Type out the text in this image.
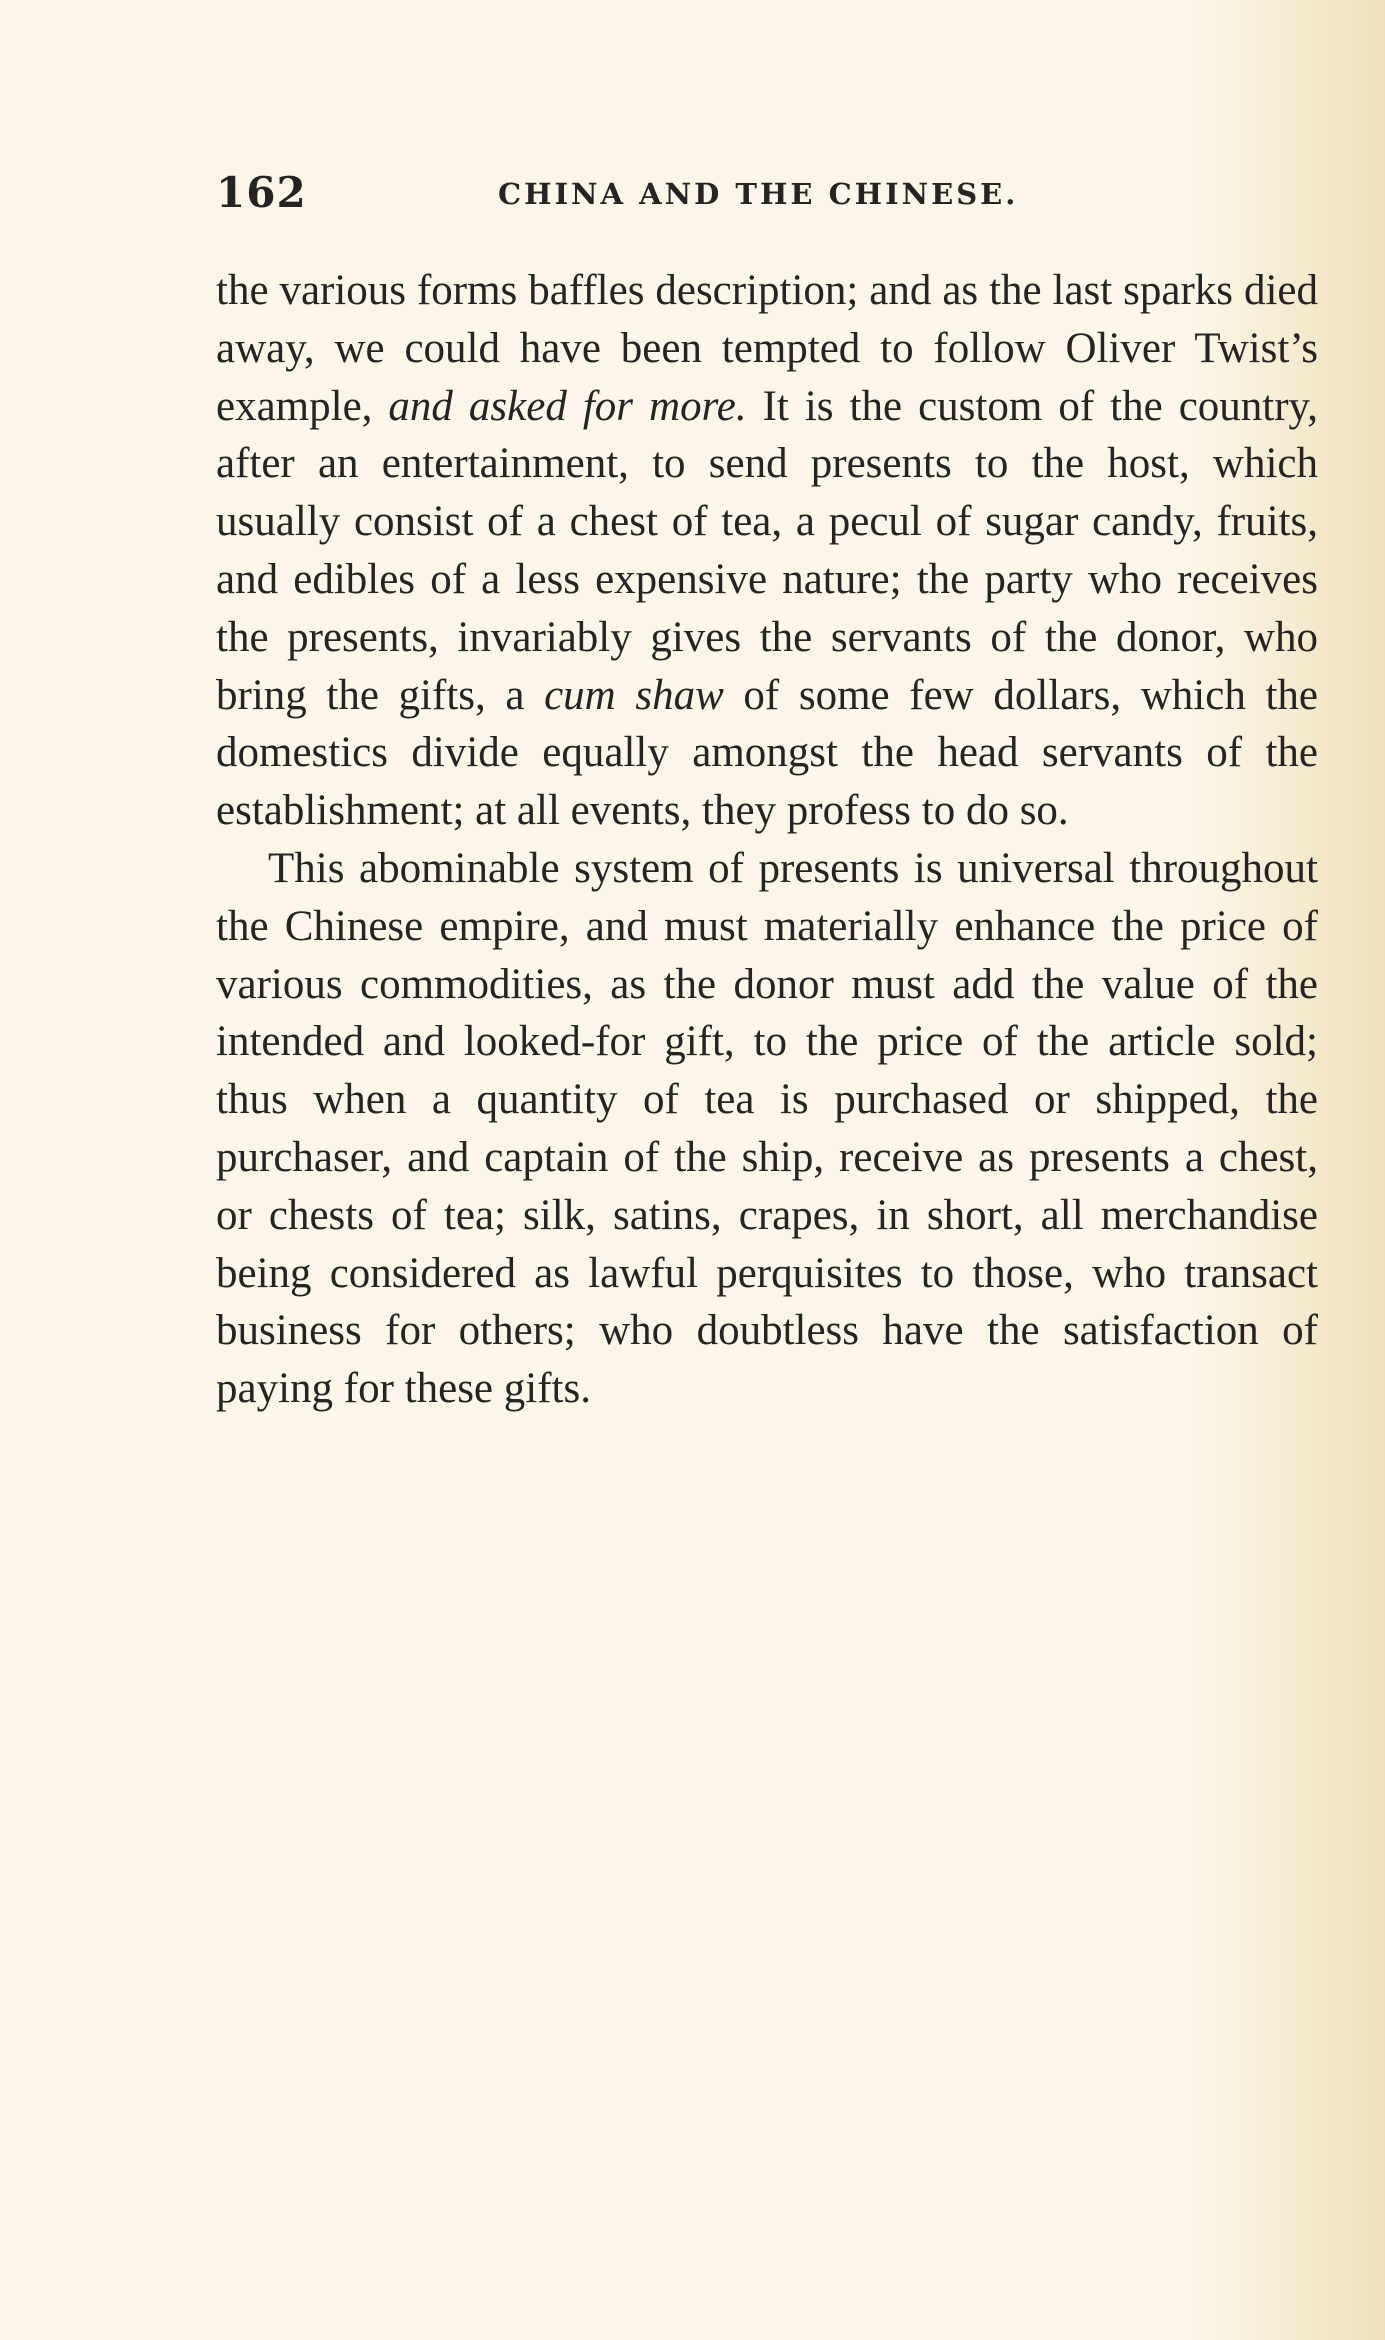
162	CHINA AND THE CHINESE.

the various forms baffles description; and as the last sparks died away, we could have been tempted to follow Oliver Twist’s example, and asked for more. It is the custom of the country, after an entertainment, to send presents to the host, which usually consist of a chest of tea, a pecul of sugar candy, fruits, and edibles of a less expensive nature; the party who receives the presents, invariably gives the servants of the donor, who bring the gifts, a cum shaw of some few dollars, which the domestics divide equally amongst the head servants of the establishment; at all events, they profess to do so.

This abominable system of presents is universal throughout the Chinese empire, and must materially enhance the price of various commodities, as the donor must add the value of the intended and looked-for gift, to the price of the article sold; thus when a quantity of tea is purchased or shipped, the purchaser, and captain of the ship, receive as presents a chest, or chests of tea; silk, satins, crapes, in short, all merchandise being considered as lawful perquisites to those, who transact business for others; who doubtless have the satisfaction of paying for these gifts.
